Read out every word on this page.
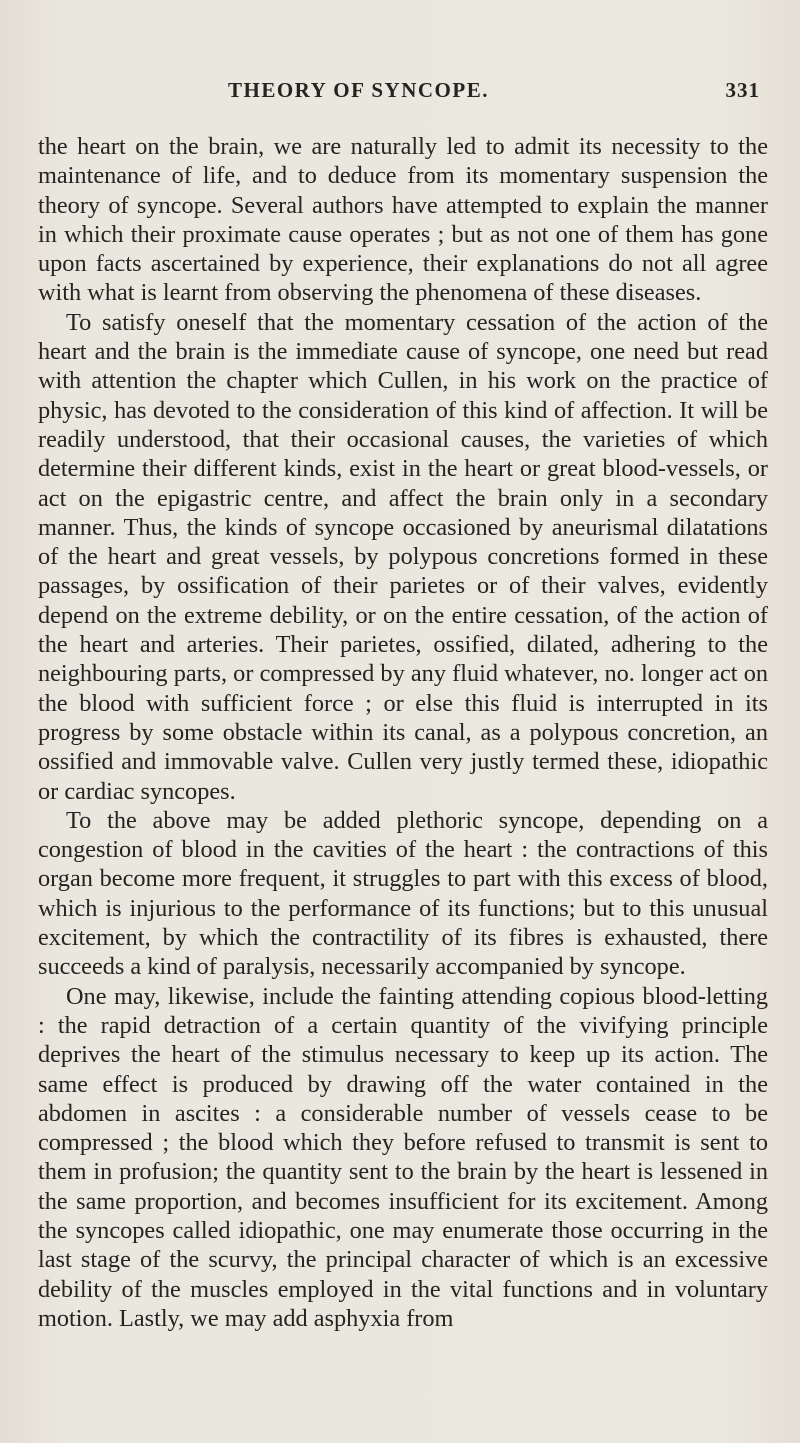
THEORY OF SYNCOPE.	331

the heart on the brain, we are naturally led to admit its necessity to the maintenance of life, and to deduce from its momentary suspension the theory of syncope. Several authors have attempted to explain the manner in which their proximate cause operates ; but as not one of them has gone upon facts ascertained by experience, their explanations do not all agree with what is learnt from observing the phenomena of these diseases.

To satisfy oneself that the momentary cessation of the action of the heart and the brain is the immediate cause of syncope, one need but read with attention the chapter which Cullen, in his work on the practice of physic, has devoted to the consideration of this kind of affection. It will be readily understood, that their occasional causes, the varieties of which determine their different kinds, exist in the heart or great blood-vessels, or act on the epigastric centre, and affect the brain only in a secondary manner. Thus, the kinds of syncope occasioned by aneurismal dilatations of the heart and great vessels, by polypous concretions formed in these passages, by ossification of their parietes or of their valves, evidently depend on the extreme debility, or on the entire cessation, of the action of the heart and arteries. Their parietes, ossified, dilated, adhering to the neighbouring parts, or compressed by any fluid whatever, no. longer act on the blood with sufficient force ; or else this fluid is interrupted in its progress by some obstacle within its canal, as a polypous concretion, an ossified and immovable valve. Cullen very justly termed these, idiopathic or cardiac syncopes.

To the above may be added plethoric syncope, depending on a congestion of blood in the cavities of the heart : the contractions of this organ become more frequent, it struggles to part with this excess of blood, which is injurious to the performance of its functions; but to this unusual excitement, by which the contractility of its fibres is exhausted, there succeeds a kind of paralysis, necessarily accompanied by syncope.

One may, likewise, include the fainting attending copious blood-letting : the rapid detraction of a certain quantity of the vivifying principle deprives the heart of the stimulus necessary to keep up its action. The same effect is produced by drawing off the water contained in the abdomen in ascites : a considerable number of vessels cease to be compressed ; the blood which they before refused to transmit is sent to them in profusion; the quantity sent to the brain by the heart is lessened in the same proportion, and becomes insufficient for its excitement. Among the syncopes called idiopathic, one may enumerate those occurring in the last stage of the scurvy, the principal character of which is an excessive debility of the muscles employed in the vital functions and in voluntary motion. Lastly, we may add asphyxia from
